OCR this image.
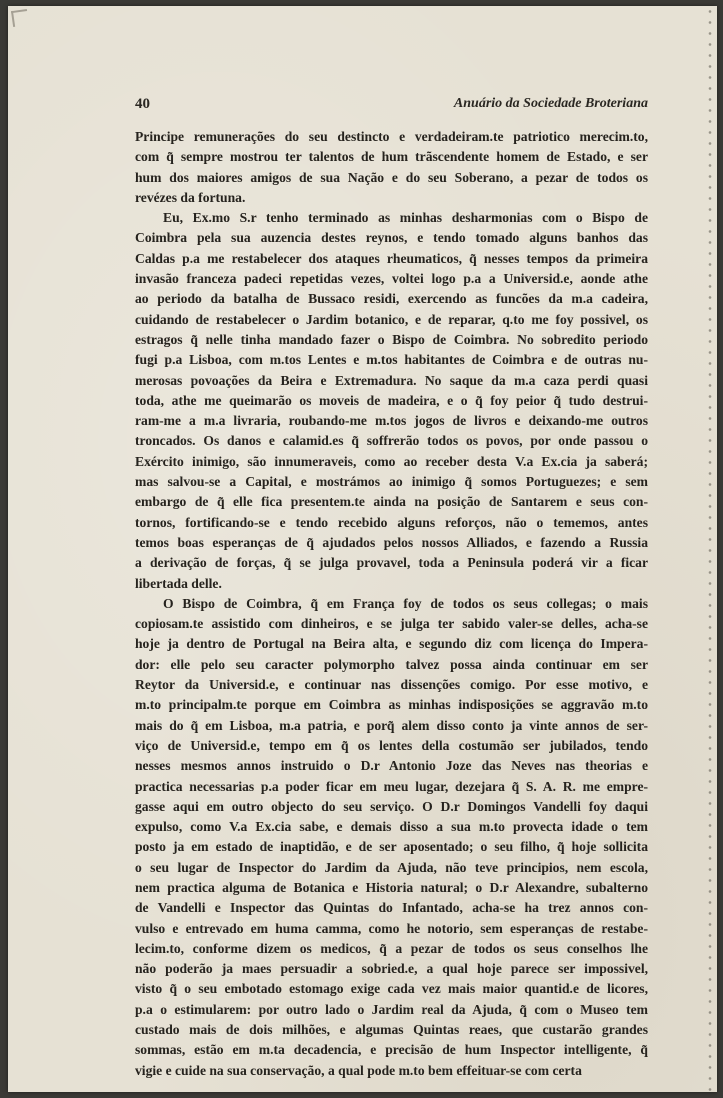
40	Anuário da Sociedade Broteriana
Principe remunerações do seu destincto e verdadeiram.te patriotico merecim.to,
com q̃ sempre mostrou ter talentos de hum trãscendente homem de Estado, e ser
hum dos maiores amigos de sua Nação e do seu Soberano, a pezar de todos os
revézes da fortuna.
Eu, Ex.mo S.r tenho terminado as minhas desharmonias com o Bispo de
Coimbra pela sua auzencia destes reynos, e tendo tomado alguns banhos das
Caldas p.a me restabelecer dos ataques rheumaticos, q̃ nesses tempos da primeira
invasão franceza padeci repetidas vezes, voltei logo p.a a Universid.e, aonde athe
ao periodo da batalha de Bussaco residi, exercendo as funcões da m.a cadeira,
cuidando de restabelecer o Jardim botanico, e de reparar, q.to me foy possivel, os
estragos q̃ nelle tinha mandado fazer o Bispo de Coimbra. No sobredito periodo
fugi p.a Lisboa, com m.tos Lentes e m.tos habitantes de Coimbra e de outras nu-
merosas povoações da Beira e Extremadura. No saque da m.a caza perdi quasi
toda, athe me queimarão os moveis de madeira, e o q̃ foy peior q̃ tudo destrui-
ram-me a m.a livraria, roubando-me m.tos jogos de livros e deixando-me outros
troncados. Os danos e calamid.es q̃ soffrerão todos os povos, por onde passou o
Exército inimigo, são innumeraveis, como ao receber desta V.a Ex.cia ja saberá;
mas salvou-se a Capital, e mostrámos ao inimigo q̃ somos Portuguezes; e sem
embargo de q̃ elle fica presentem.te ainda na posição de Santarem e seus con-
tornos, fortificando-se e tendo recebido alguns reforços, não o tememos, antes
temos boas esperanças de q̃ ajudados pelos nossos Alliados, e fazendo a Russia
a derivação de forças, q̃ se julga provavel, toda a Peninsula poderá vir a ficar
libertada delle.
O Bispo de Coimbra, q̃ em França foy de todos os seus collegas; o mais
copiosam.te assistido com dinheiros, e se julga ter sabido valer-se delles, acha-se
hoje ja dentro de Portugal na Beira alta, e segundo diz com licença do Impera-
dor: elle pelo seu caracter polymorpho talvez possa ainda continuar em ser
Reytor da Universid.e, e continuar nas dissenções comigo. Por esse motivo, e
m.to principalm.te porque em Coimbra as minhas indisposições se aggravão m.to
mais do q̃ em Lisboa, m.a patria, e porq̃ alem disso conto ja vinte annos de ser-
viço de Universid.e, tempo em q̃ os lentes della costumão ser jubilados, tendo
nesses mesmos annos instruido o D.r Antonio Joze das Neves nas theorias e
practica necessarias p.a poder ficar em meu lugar, dezejara q̃ S. A. R. me empre-
gasse aqui em outro objecto do seu serviço. O D.r Domingos Vandelli foy daqui
expulso, como V.a Ex.cia sabe, e demais disso a sua m.to provecta idade o tem
posto ja em estado de inaptidão, e de ser aposentado; o seu filho, q̃ hoje sollicita
o seu lugar de Inspector do Jardim da Ajuda, não teve principios, nem escola,
nem practica alguma de Botanica e Historia natural; o D.r Alexandre, subalterno
de Vandelli e Inspector das Quintas do Infantado, acha-se ha trez annos con-
vulso e entrevado em huma camma, como he notorio, sem esperanças de restabe-
lecim.to, conforme dizem os medicos, q̃ a pezar de todos os seus conselhos lhe
não poderão ja maes persuadir a sobried.e, a qual hoje parece ser impossivel,
visto q̃ o seu embotado estomago exige cada vez mais maior quantid.e de licores,
p.a o estimularem: por outro lado o Jardim real da Ajuda, q̃ com o Museo tem
custado mais de dois milhões, e algumas Quintas reaes, que custarão grandes
sommas, estão em m.ta decadencia, e precisão de hum Inspector intelligente, q̃
vigie e cuide na sua conservação, a qual pode m.to bem effeituar-se com certa
